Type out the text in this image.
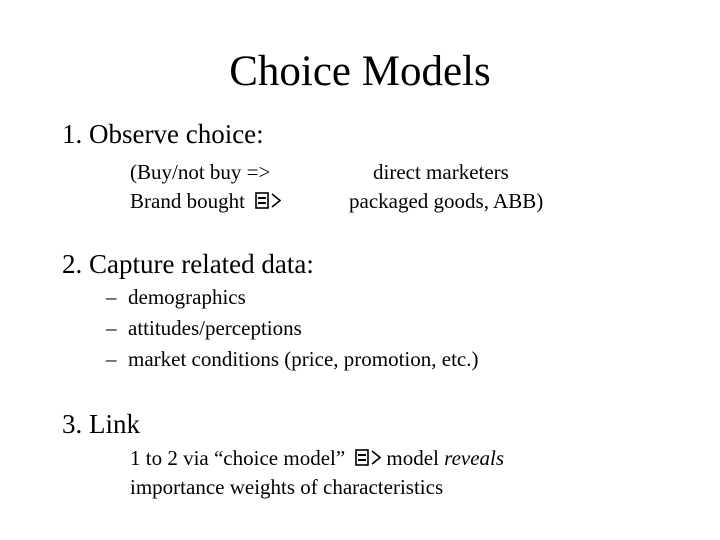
Choice Models
1. Observe choice:
(Buy/not buy =>	direct marketers
Brand bought	packaged goods, ABB)
2. Capture related data:
– demographics
– attitudes/perceptions
– market conditions (price, promotion, etc.)
3. Link
1 to 2 via “choice model” model reveals
importance weights of characteristics
